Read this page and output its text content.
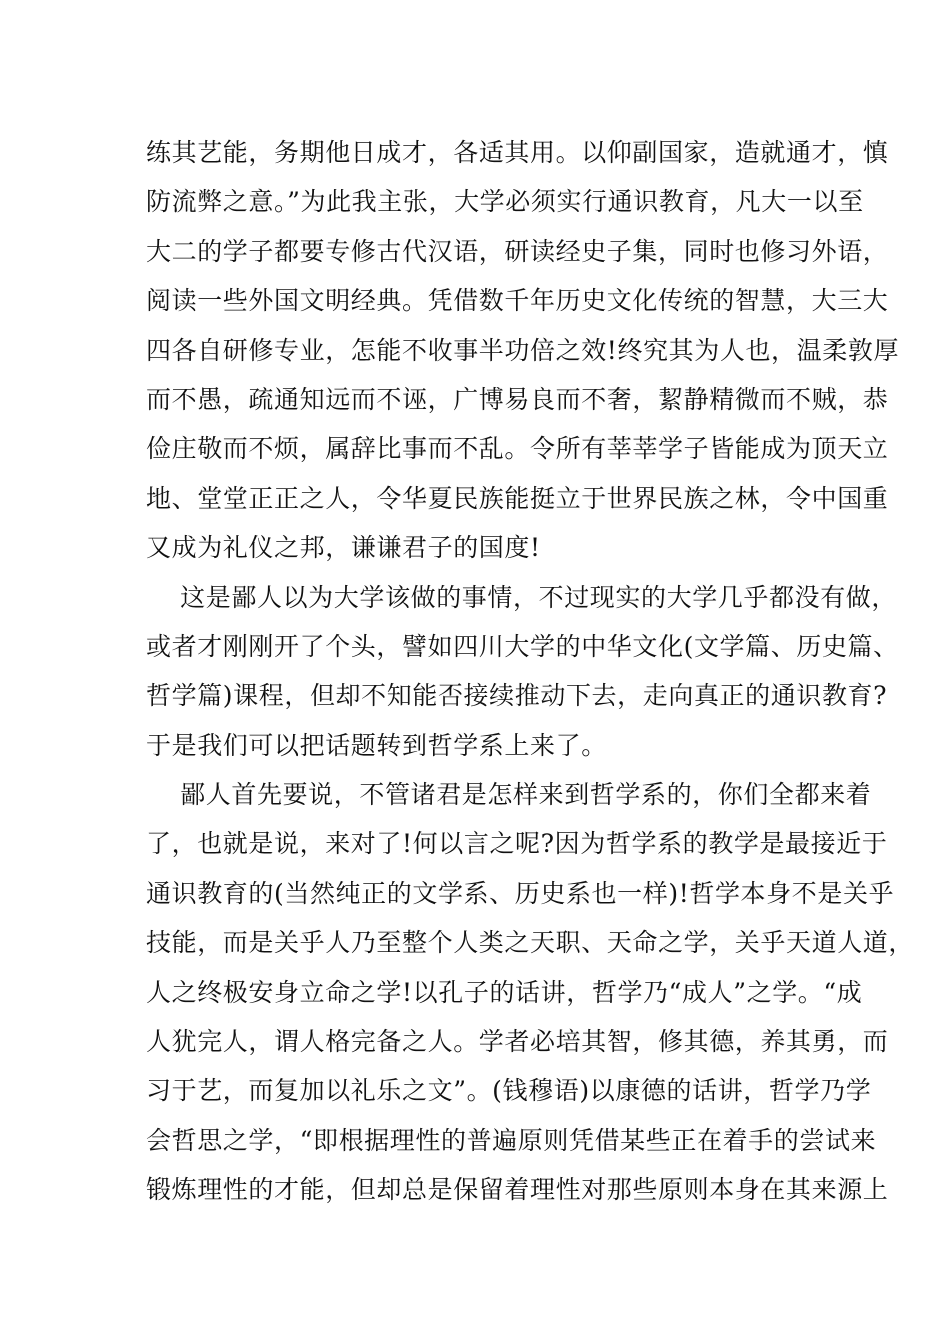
练其艺能，务期他日成才，各适其用。以仰副国家，造就通才，慎
防流弊之意。”为此我主张，大学必须实行通识教育，凡大一以至
大二的学子都要专修古代汉语，研读经史子集，同时也修习外语，
阅读一些外国文明经典。凭借数千年历史文化传统的智慧，大三大
四各自研修专业，怎能不收事半功倍之效!终究其为人也，温柔敦厚
而不愚，疏通知远而不诬，广博易良而不奢，絜静精微而不贼，恭
俭庄敬而不烦，属辞比事而不乱。令所有莘莘学子皆能成为顶天立
地、堂堂正正之人，令华夏民族能挺立于世界民族之林，令中国重
又成为礼仪之邦，谦谦君子的国度!
这是鄙人以为大学该做的事情，不过现实的大学几乎都没有做，
或者才刚刚开了个头，譬如四川大学的中华文化(文学篇、历史篇、
哲学篇)课程，但却不知能否接续推动下去，走向真正的通识教育?
于是我们可以把话题转到哲学系上来了。
鄙人首先要说，不管诸君是怎样来到哲学系的，你们全都来着
了，也就是说，来对了!何以言之呢?因为哲学系的教学是最接近于
通识教育的(当然纯正的文学系、历史系也一样)!哲学本身不是关乎
技能，而是关乎人乃至整个人类之天职、天命之学，关乎天道人道，
人之终极安身立命之学!以孔子的话讲，哲学乃“成人”之学。“成
人犹完人，谓人格完备之人。学者必培其智，修其德，养其勇，而
习于艺，而复加以礼乐之文”。(钱穆语)以康德的话讲，哲学乃学
会哲思之学，“即根据理性的普遍原则凭借某些正在着手的尝试来
锻炼理性的才能，但却总是保留着理性对那些原则本身在其来源上
